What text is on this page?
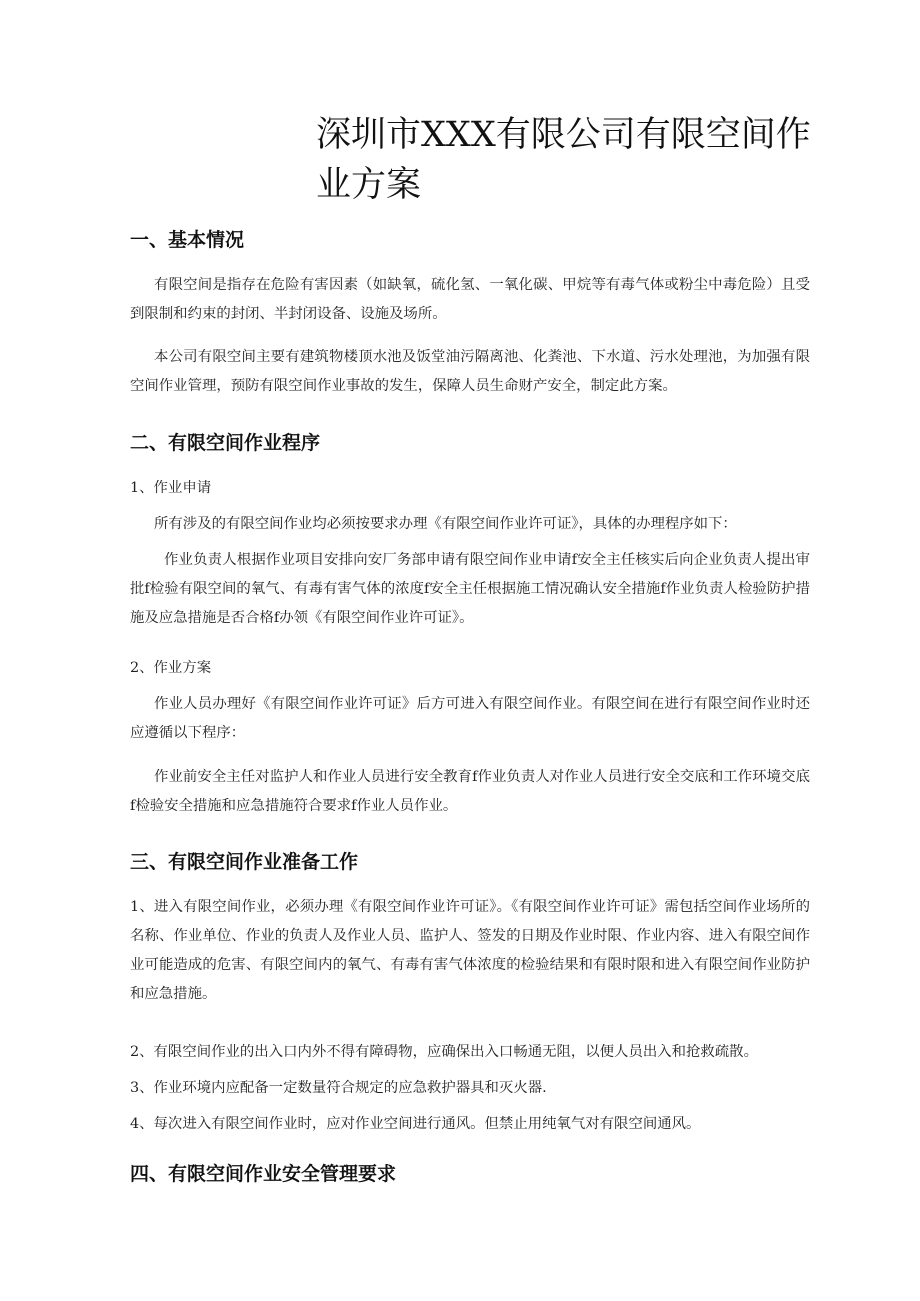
深圳市XXX有限公司有限空间作业方案
一、基本情况

有限空间是指存在危险有害因素（如缺氧，硫化氢、一氧化碳、甲烷等有毒气体或粉尘中毒危险）且受到限制和约束的封闭、半封闭设备、设施及场所。

本公司有限空间主要有建筑物楼顶水池及饭堂油污隔离池、化粪池、下水道、污水处理池，为加强有限空间作业管理，预防有限空间作业事故的发生，保障人员生命财产安全，制定此方案。

二、有限空间作业程序

1、作业申请

所有涉及的有限空间作业均必须按要求办理《有限空间作业许可证》，具体的办理程序如下：

作业负责人根据作业项目安排向安厂务部申请有限空间作业申请f安全主任核实后向企业负责人提出审批f检验有限空间的氧气、有毒有害气体的浓度f安全主任根据施工情况确认安全措施f作业负责人检验防护措施及应急措施是否合格f办领《有限空间作业许可证》。

2、作业方案

作业人员办理好《有限空间作业许可证》后方可进入有限空间作业。有限空间在进行有限空间作业时还应遵循以下程序：

作业前安全主任对监护人和作业人员进行安全教育f作业负责人对作业人员进行安全交底和工作环境交底f检验安全措施和应急措施符合要求f作业人员作业。

三、有限空间作业准备工作

1、进入有限空间作业，必须办理《有限空间作业许可证》。《有限空间作业许可证》需包括空间作业场所的名称、作业单位、作业的负责人及作业人员、监护人、签发的日期及作业时限、作业内容、进入有限空间作业可能造成的危害、有限空间内的氧气、有毒有害气体浓度的检验结果和有限时限和进入有限空间作业防护和应急措施。

2、有限空间作业的出入口内外不得有障碍物，应确保出入口畅通无阻，以便人员出入和抢救疏散。

3、作业环境内应配备一定数量符合规定的应急救护器具和灭火器.

4、每次进入有限空间作业时，应对作业空间进行通风。但禁止用纯氧气对有限空间通风。

四、有限空间作业安全管理要求
